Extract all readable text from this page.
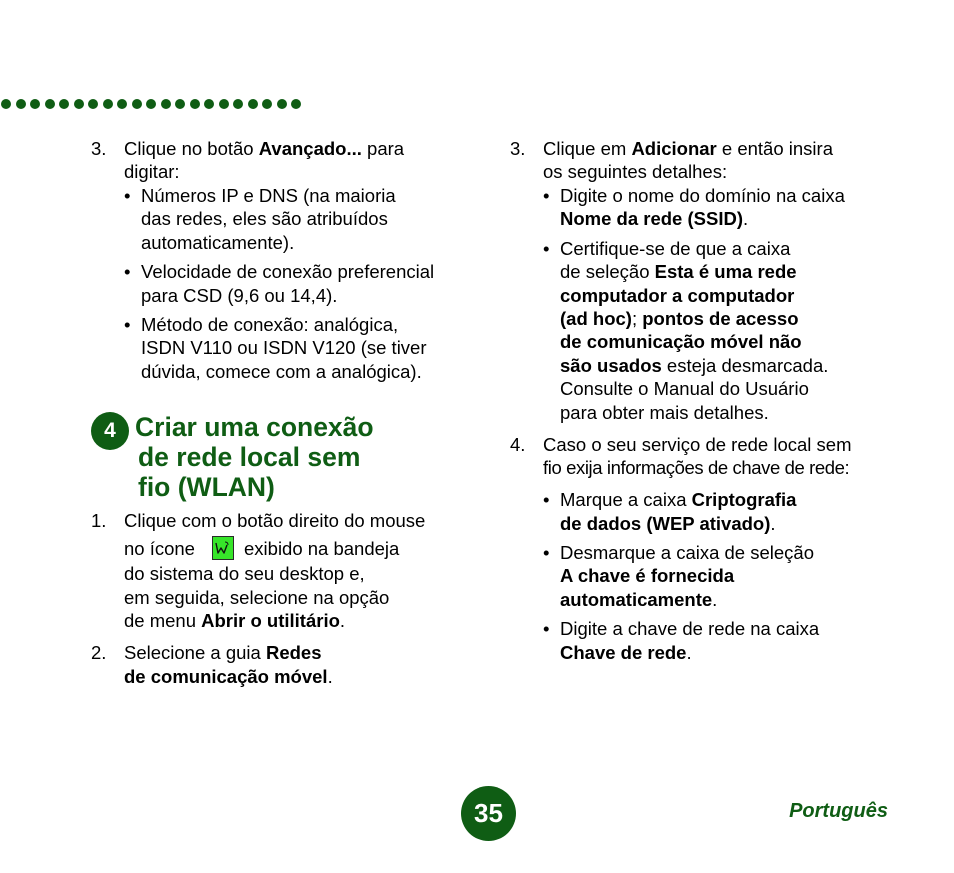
3. Clique no botão Avançado... para
digitar:
• Números IP e DNS (na maioria
das redes, eles são atribuídos
automaticamente).
• Velocidade de conexão preferencial
para CSD (9,6 ou 14,4).
• Método de conexão: analógica,
ISDN V110 ou ISDN V120 (se tiver
dúvida, comece com a analógica).
4 Criar uma conexão
de rede local sem
fio (WLAN)
1. Clique com o botão direito do mouse
no ícone	exibido na bandeja
do sistema do seu desktop e,
em seguida, selecione na opção
de menu Abrir o utilitário.
2. Selecione a guia Redes
de comunicação móvel.
3. Clique em Adicionar e então insira
os seguintes detalhes:
• Digite o nome do domínio na caixa
Nome da rede (SSID).
• Certifique-se de que a caixa
de seleção Esta é uma rede
computador a computador
(ad hoc); pontos de acesso
de comunicação móvel não
são usados esteja desmarcada.
Consulte o Manual do Usuário
para obter mais detalhes.
4. Caso o seu serviço de rede local sem
fio exija informações de chave de rede:
• Marque a caixa Criptografia
de dados (WEP ativado).
• Desmarque a caixa de seleção
A chave é fornecida
automaticamente.
• Digite a chave de rede na caixa
Chave de rede.
35	Português
